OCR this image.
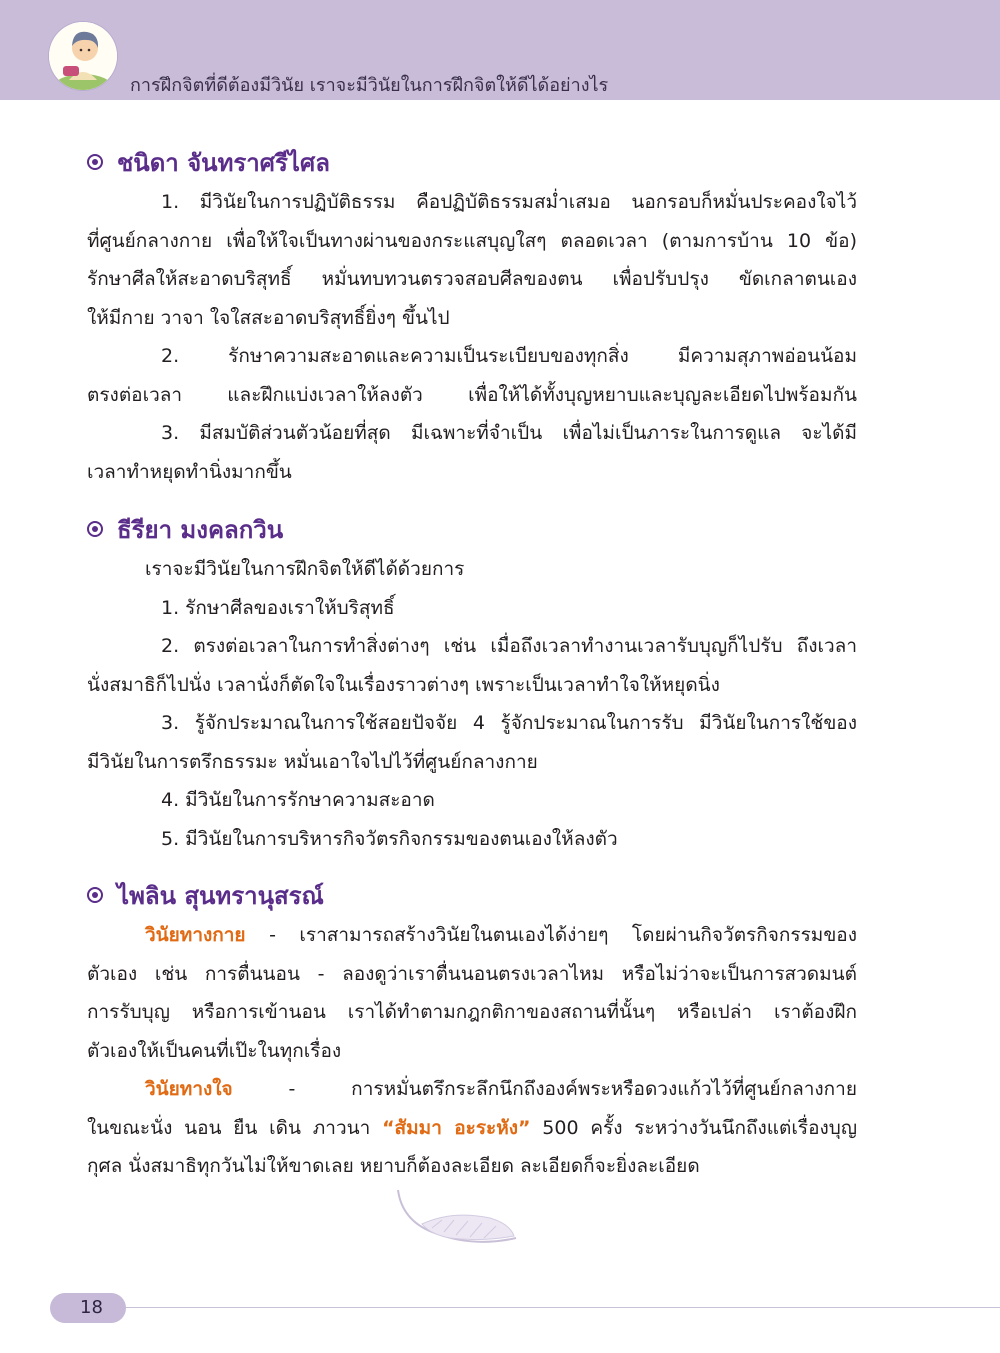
การฝึกจิตที่ดีต้องมีวินัย เราจะมีวินัยในการฝึกจิตให้ดีได้อย่างไร
ชนิดา จันทราศรีไศล
1. มีวินัยในการปฏิบัติธรรม คือปฏิบัติธรรมสม่ำเสมอ นอกรอบก็หมั่นประคองใจไว้
ที่ศูนย์กลางกาย เพื่อให้ใจเป็นทางผ่านของกระแสบุญใสๆ ตลอดเวลา (ตามการบ้าน 10 ข้อ)
รักษาศีลให้สะอาดบริสุทธิ์ หมั่นทบทวนตรวจสอบศีลของตน เพื่อปรับปรุง ขัดเกลาตนเอง
ให้มีกาย วาจา ใจใสสะอาดบริสุทธิ์ยิ่งๆ ขึ้นไป
2. รักษาความสะอาดและความเป็นระเบียบของทุกสิ่ง มีความสุภาพอ่อนน้อม
ตรงต่อเวลา และฝึกแบ่งเวลาให้ลงตัว เพื่อให้ได้ทั้งบุญหยาบและบุญละเอียดไปพร้อมกัน
3. มีสมบัติส่วนตัวน้อยที่สุด มีเฉพาะที่จำเป็น เพื่อไม่เป็นภาระในการดูแล จะได้มี
เวลาทำหยุดทำนิ่งมากขึ้น
ธีรียา มงคลกวิน
เราจะมีวินัยในการฝึกจิตให้ดีได้ด้วยการ
1. รักษาศีลของเราให้บริสุทธิ์
2. ตรงต่อเวลาในการทำสิ่งต่างๆ เช่น เมื่อถึงเวลาทำงานเวลารับบุญก็ไปรับ ถึงเวลา
นั่งสมาธิก็ไปนั่ง เวลานั่งก็ตัดใจในเรื่องราวต่างๆ เพราะเป็นเวลาทำใจให้หยุดนิ่ง
3. รู้จักประมาณในการใช้สอยปัจจัย 4 รู้จักประมาณในการรับ มีวินัยในการใช้ของ
มีวินัยในการตรึกธรรมะ หมั่นเอาใจไปไว้ที่ศูนย์กลางกาย
4. มีวินัยในการรักษาความสะอาด
5. มีวินัยในการบริหารกิจวัตรกิจกรรมของตนเองให้ลงตัว
ไพลิน สุนทรานุสรณ์
วินัยทางกาย - เราสามารถสร้างวินัยในตนเองได้ง่ายๆ โดยผ่านกิจวัตรกิจกรรมของ
ตัวเอง เช่น การตื่นนอน - ลองดูว่าเราตื่นนอนตรงเวลาไหม หรือไม่ว่าจะเป็นการสวดมนต์
การรับบุญ หรือการเข้านอน เราได้ทำตามกฎกติกาของสถานที่นั้นๆ หรือเปล่า เราต้องฝึก
ตัวเองให้เป็นคนที่เป๊ะในทุกเรื่อง
วินัยทางใจ - การหมั่นตรึกระลึกนึกถึงองค์พระหรือดวงแก้วไว้ที่ศูนย์กลางกาย
ในขณะนั่ง นอน ยืน เดิน ภาวนา “สัมมา อะระหัง” 500 ครั้ง ระหว่างวันนึกถึงแต่เรื่องบุญ
กุศล นั่งสมาธิทุกวันไม่ให้ขาดเลย หยาบก็ต้องละเอียด ละเอียดก็จะยิ่งละเอียด
18
